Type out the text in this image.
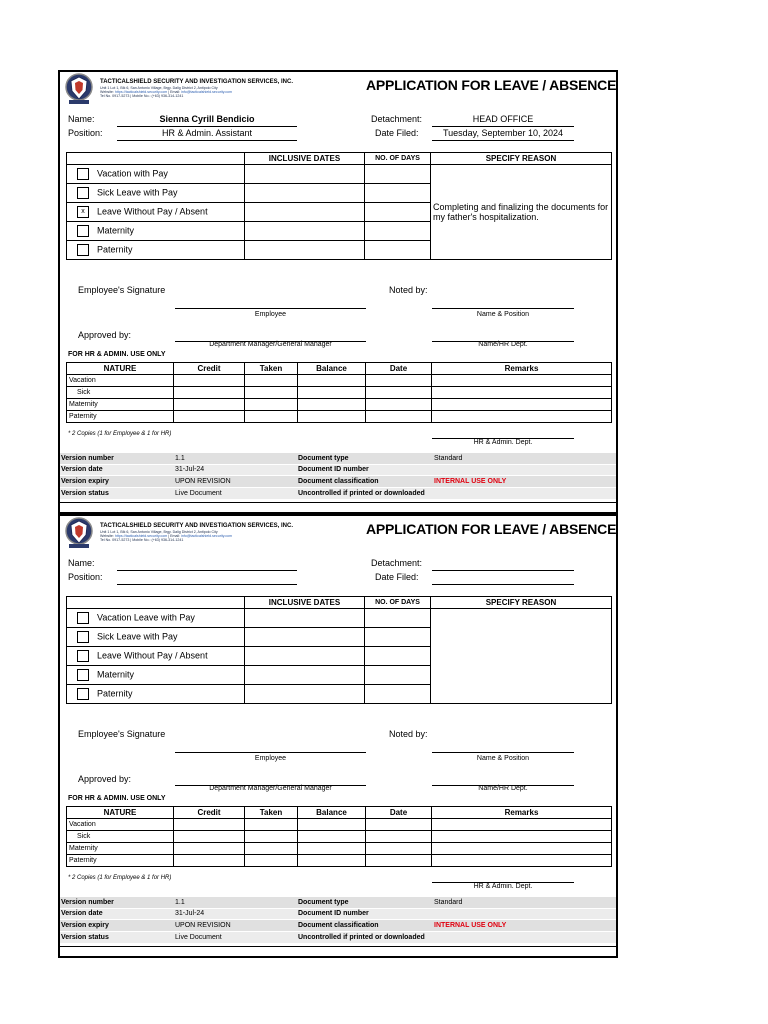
TACTICALSHIELD SECURITY AND INVESTIGATION SERVICES, INC.
Unit 1 Lot 1, Blk 6, San Antonio Village, Brgy. Dalig District 2, Antipolo City
Website: https://tacticalshield.security.com | Email: info@tacticalshield.security.com
Tel No. 0917-5273 | Mobile No.: (+63) 936-314-1241
APPLICATION FOR LEAVE / ABSENCE
Name:	Sienna Cyrill Bendicio
Position:	HR & Admin. Assistant
Detachment:	HEAD OFFICE
Date Filed:	Tuesday, September 10, 2024
	INCLUSIVE DATES	NO. OF DAYS	SPECIFY REASON
Vacation with Pay			Completing and finalizing the documents for my father's hospitalization.
Sick Leave with Pay			
x Leave Without Pay / Absent			
Maternity			
Paternity			
Employee's Signature	Noted by:
Employee	Name & Position
Approved by:
Department Manager/General Manager	Name/HR Dept.
FOR HR & ADMIN. USE ONLY
NATURE	Credit	Taken	Balance	Date	Remarks
Vacation					
Sick					
Maternity					
Paternity					
* 2 Copies (1 for Employee & 1 for HR)
HR & Admin. Dept.
Version number	1.1	Document type	Standard
Version date	31-Jul-24	Document ID number	
Version expiry	UPON REVISION	Document classification	INTERNAL USE ONLY
Version status	Live Document	Uncontrolled if printed or downloaded	
TACTICALSHIELD SECURITY AND INVESTIGATION SERVICES, INC.
Unit 1 Lot 1, Blk 6, San Antonio Village, Brgy. Dalig District 2, Antipolo City
Website: https://tacticalshield.security.com | Email: info@tacticalshield.security.com
Tel No. 0917-5273 | Mobile No.: (+63) 936-314-1241
APPLICATION FOR LEAVE / ABSENCE
Name:
Position:
Detachment:
Date Filed:
	INCLUSIVE DATES	NO. OF DAYS	SPECIFY REASON
Vacation Leave with Pay			
Sick Leave with Pay			
Leave Without Pay / Absent			
Maternity			
Paternity			
Employee's Signature	Noted by:
Employee	Name & Position
Approved by:
Department Manager/General Manager	Name/HR Dept.
FOR HR & ADMIN. USE ONLY
NATURE	Credit	Taken	Balance	Date	Remarks
Vacation					
Sick					
Maternity					
Paternity					
* 2 Copies (1 for Employee & 1 for HR)
HR & Admin. Dept.
Version number	1.1	Document type	Standard
Version date	31-Jul-24	Document ID number	
Version expiry	UPON REVISION	Document classification	INTERNAL USE ONLY
Version status	Live Document	Uncontrolled if printed or downloaded	
